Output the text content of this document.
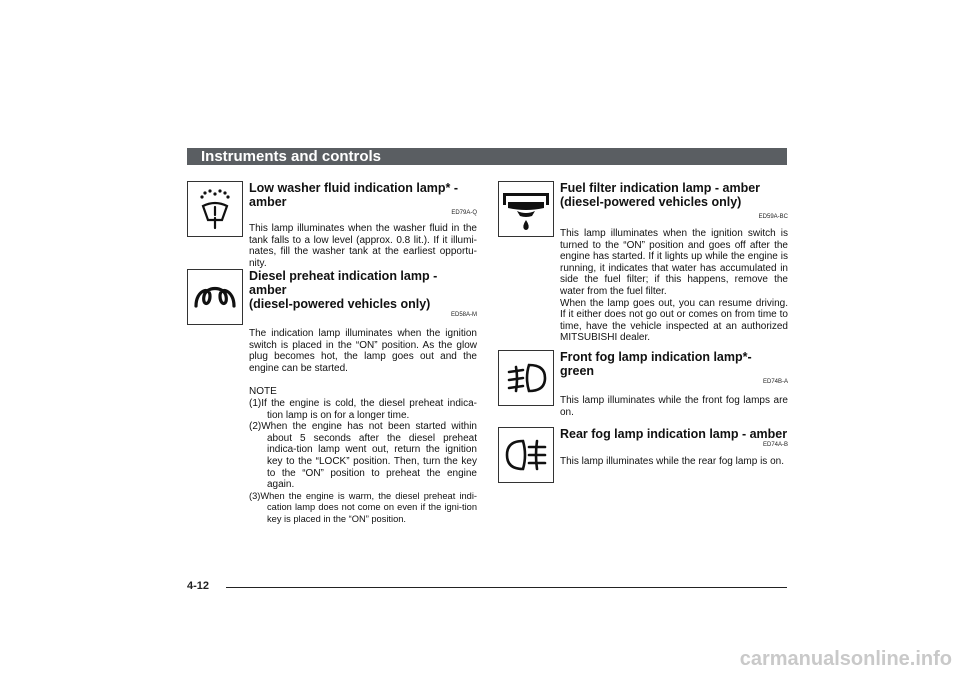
Instruments and controls
Low washer fluid indication lamp* - amber
ED79A-Q

This lamp illuminates when the washer fluid in the tank falls to a low level (approx. 0.8 lit.). If it illumi-nates, fill the washer tank at the earliest opportu-nity.

Diesel preheat indication lamp - amber
(diesel-powered vehicles only)
ED58A-M

The indication lamp illuminates when the ignition switch is placed in the “ON” position. As the glow plug becomes hot, the lamp goes out and the engine can be started.

NOTE
(1)If the engine is cold, the diesel preheat indica-tion lamp is on for a longer time.
(2)When the engine has not been started within about 5 seconds after the diesel preheat indica-tion lamp went out, return the ignition key to the “LOCK” position. Then, turn the key to the “ON” position to preheat the engine again.
(3)When the engine is warm, the diesel preheat indi-cation lamp does not come on even if the igni-tion key is placed in the “ON” position.
Fuel filter indication lamp - amber
(diesel-powered vehicles only)
ED59A-BC

This lamp illuminates when the ignition switch is turned to the “ON” position and goes off after the engine has started. If it lights up while the engine is running, it indicates that water has accumulated in side the fuel filter; if this happens, remove the water from the fuel filter.

When the lamp goes out, you can resume driving. If it either does not go out or comes on from time to time, have the vehicle inspected at an authorized MITSUBISHI dealer.

Front fog lamp indication lamp*- green
ED74B-A

This lamp illuminates while the front fog lamps are on.

Rear fog lamp indication lamp - amber
ED74A-B

This lamp illuminates while the rear fog lamp is on.

4-12
carmanualsonline.info
